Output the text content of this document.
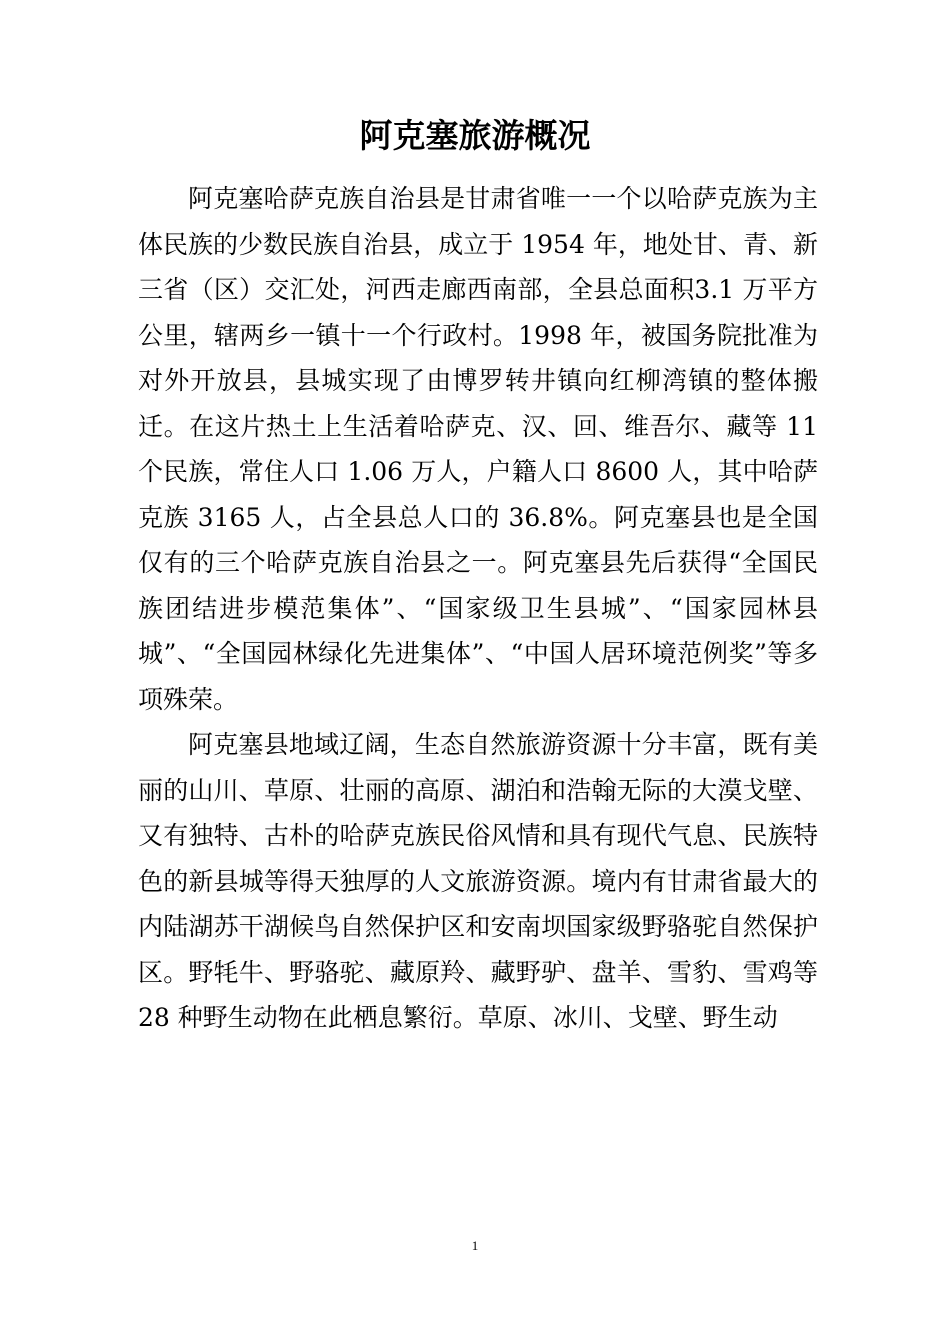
阿克塞旅游概况

阿克塞哈萨克族自治县是甘肃省唯一一个以哈萨克族为主体民族的少数民族自治县，成立于 1954 年，地处甘、青、新三省（区）交汇处，河西走廊西南部，全县总面积3.1 万平方公里，辖两乡一镇十一个行政村。1998 年，被国务院批准为对外开放县，县城实现了由博罗转井镇向红柳湾镇的整体搬迁。在这片热土上生活着哈萨克、汉、回、维吾尔、藏等 11 个民族，常住人口 1.06 万人，户籍人口 8600 人，其中哈萨克族 3165 人，占全县总人口的 36.8%。阿克塞县也是全国仅有的三个哈萨克族自治县之一。阿克塞县先后获得“全国民族团结进步模范集体”、“国家级卫生县城”、“国家园林县城”、“全国园林绿化先进集体”、“中国人居环境范例奖”等多项殊荣。

阿克塞县地域辽阔，生态自然旅游资源十分丰富，既有美丽的山川、草原、壮丽的高原、湖泊和浩翰无际的大漠戈壁、又有独特、古朴的哈萨克族民俗风情和具有现代气息、民族特色的新县城等得天独厚的人文旅游资源。境内有甘肃省最大的内陆湖苏干湖候鸟自然保护区和安南坝国家级野骆驼自然保护区。野牦牛、野骆驼、藏原羚、藏野驴、盘羊、雪豹、雪鸡等 28 种野生动物在此栖息繁衍。草原、冰川、戈壁、野生动

1
